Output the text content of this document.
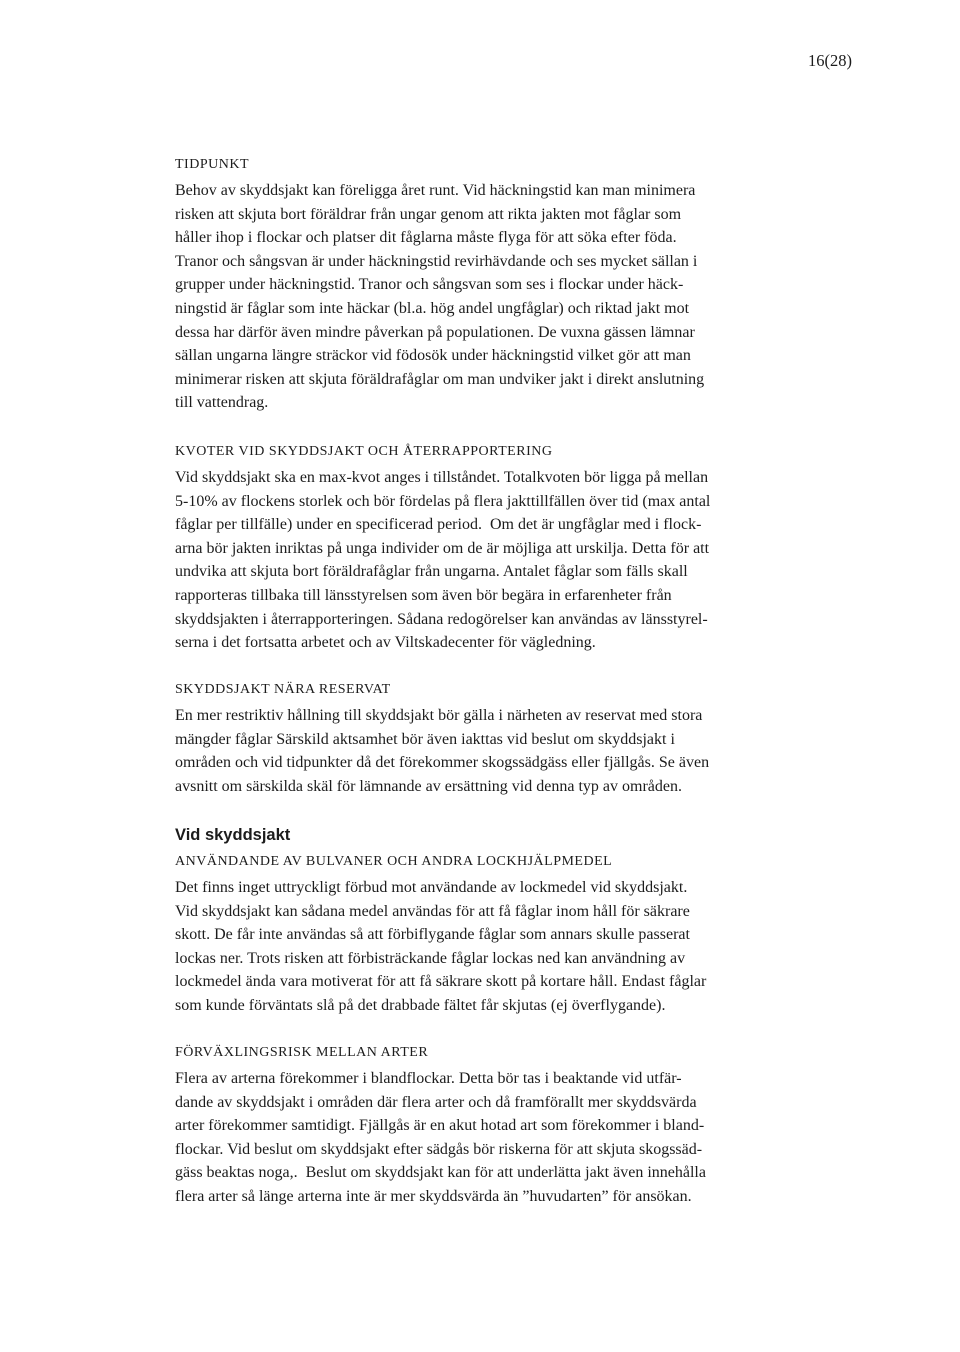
16(28)
TIDPUNKT
Behov av skyddsjakt kan föreligga året runt. Vid häckningstid kan man minimera
risken att skjuta bort föräldrar från ungar genom att rikta jakten mot fåglar som
håller ihop i flockar och platser dit fåglarna måste flyga för att söka efter föda.
Tranor och sångsvan är under häckningstid revirhävdande och ses mycket sällan i
grupper under häckningstid. Tranor och sångsvan som ses i flockar under häck-
ningstid är fåglar som inte häckar (bl.a. hög andel ungfåglar) och riktad jakt mot
dessa har därför även mindre påverkan på populationen. De vuxna gässen lämnar
sällan ungarna längre sträckor vid födosök under häckningstid vilket gör att man
minimerar risken att skjuta föräldrafåglar om man undviker jakt i direkt anslutning
till vattendrag.
KVOTER VID SKYDDSJAKT OCH ÅTERRAPPORTERING
Vid skyddsjakt ska en max-kvot anges i tillståndet. Totalkvoten bör ligga på mellan
5-10% av flockens storlek och bör fördelas på flera jakttillfällen över tid (max antal
fåglar per tillfälle) under en specificerad period.  Om det är ungfåglar med i flock-
arna bör jakten inriktas på unga individer om de är möjliga att urskilja. Detta för att
undvika att skjuta bort föräldrafåglar från ungarna. Antalet fåglar som fälls skall
rapporteras tillbaka till länsstyrelsen som även bör begära in erfarenheter från
skyddsjakten i återrapporteringen. Sådana redogörelser kan användas av länsstyrel-
serna i det fortsatta arbetet och av Viltskadecenter för vägledning.
SKYDDSJAKT NÄRA RESERVAT
En mer restriktiv hållning till skyddsjakt bör gälla i närheten av reservat med stora
mängder fåglar Särskild aktsamhet bör även iakttas vid beslut om skyddsjakt i
områden och vid tidpunkter då det förekommer skogssädgäss eller fjällgås. Se även
avsnitt om särskilda skäl för lämnande av ersättning vid denna typ av områden.
Vid skyddsjakt
ANVÄNDANDE AV BULVANER OCH ANDRA LOCKHJÄLPMEDEL
Det finns inget uttryckligt förbud mot användande av lockmedel vid skyddsjakt.
Vid skyddsjakt kan sådana medel användas för att få fåglar inom håll för säkrare
skott. De får inte användas så att förbiflygande fåglar som annars skulle passerat
lockas ner. Trots risken att förbisträckande fåglar lockas ned kan användning av
lockmedel ända vara motiverat för att få säkrare skott på kortare håll. Endast fåglar
som kunde förväntats slå på det drabbade fältet får skjutas (ej överflygande).
FÖRVÄXLINGSRISK MELLAN ARTER
Flera av arterna förekommer i blandflockar. Detta bör tas i beaktande vid utfär-
dande av skyddsjakt i områden där flera arter och då framförallt mer skyddsvärda
arter förekommer samtidigt. Fjällgås är en akut hotad art som förekommer i bland-
flockar. Vid beslut om skyddsjakt efter sädgås bör riskerna för att skjuta skogssäd-
gäss beaktas noga,.  Beslut om skyddsjakt kan för att underlätta jakt även innehålla
flera arter så länge arterna inte är mer skyddsvärda än ”huvudarten” för ansökan.
